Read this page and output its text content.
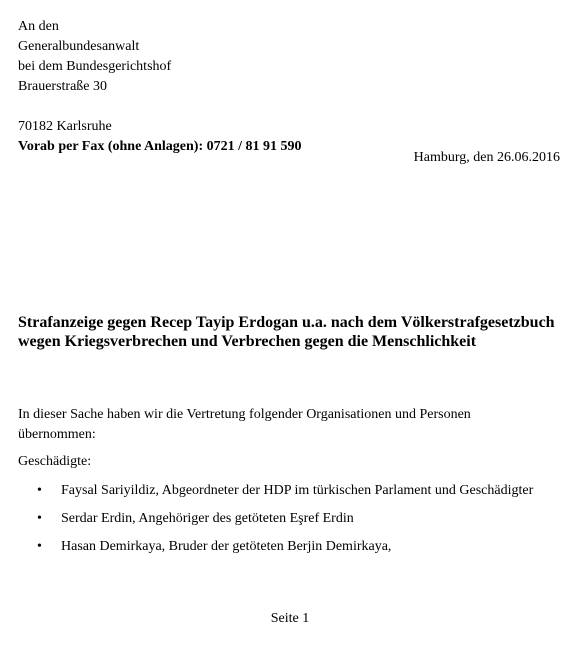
An den
Generalbundesanwalt
bei dem Bundesgerichtshof
Brauerstraße 30
70182 Karlsruhe
Vorab per Fax (ohne Anlagen): 0721 / 81 91 590
Hamburg, den 26.06.2016
Strafanzeige gegen Recep Tayip Erdogan u.a. nach dem Völkerstrafgesetzbuch wegen Kriegsverbrechen und Verbrechen gegen die Menschlichkeit
In dieser Sache haben wir die Vertretung folgender Organisationen und Personen übernommen:
Geschädigte:
• Faysal Sariyildiz, Abgeordneter der HDP im türkischen Parlament und Geschädigter
• Serdar Erdin, Angehöriger des getöteten Eşref Erdin
• Hasan Demirkaya, Bruder der getöteten Berjin Demirkaya,
Seite 1
